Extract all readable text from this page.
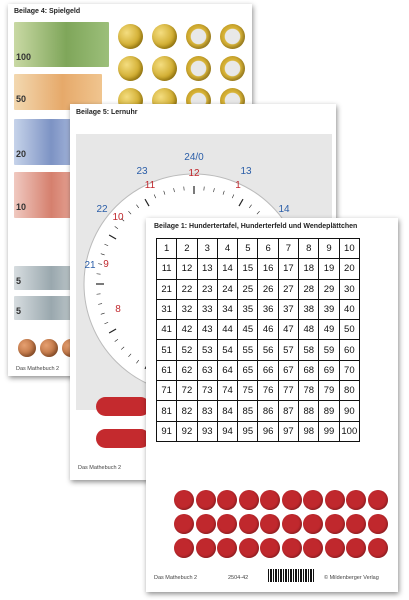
Beilage 4: Spielgeld
100
50
20
10
5
5
Das Mathebuch 2
Beilage 5: Lernuhr
24/0
13
14
21
22
23	12
11
10
9
8
1
Das Mathebuch 2
Beilage 1: Hundertertafel, Hunderterfeld und Wendeplättchen
1	2	3	4	5	6	7	8	9	10
11	12	13	14	15	16	17	18	19	20
21	22	23	24	25	26	27	28	29	30
31	32	33	34	35	36	37	38	39	40
41	42	43	44	45	46	47	48	49	50
51	52	53	54	55	56	57	58	59	60
61	62	63	64	65	66	67	68	69	70
71	72	73	74	75	76	77	78	79	80
81	82	83	84	85	86	87	88	89	90
91	92	93	94	95	96	97	98	99	100
Das Mathebuch 2	2504-42	© Mildenberger Verlag
